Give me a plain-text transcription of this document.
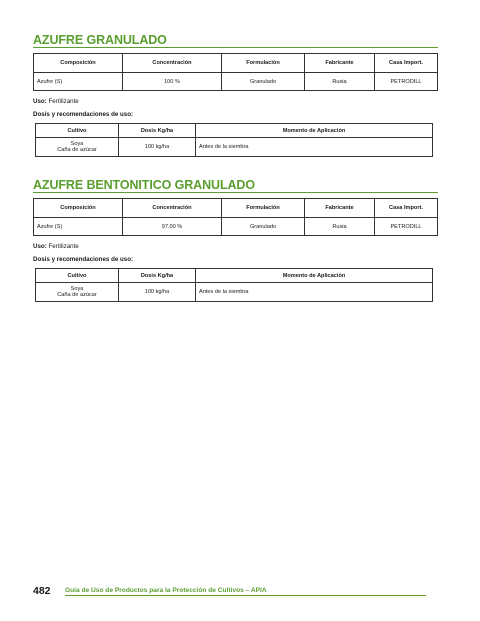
AZUFRE GRANULADO
Composición	Concentración	Formulación	Fabricante	Casa Import.
Azufre (S)	100 %	Granulado	Rusia	PETRODILL
Uso: Fertilizante
Dosis y recomendaciones de uso:
Cultivo	Dosis Kg/ha	Momento de Aplicación
Soya
Caña de azúcar	100 kg/ha	Antes de la siembra
AZUFRE BENTONITICO GRANULADO
Composición	Concentración	Formulación	Fabricante	Casa Import.
Azufre (S)	97.00 %	Granulado	Rusia	PETRODILL
Uso: Fertilizante
Dosis y recomendaciones de uso:
Cultivo	Dosis Kg/ha	Momento de Aplicación
Soya
Caña de azúcar	100 kg/ha	Antes de la siembra
482 Guía de Uso de Productos para la Protección de Cultivos – APIA
